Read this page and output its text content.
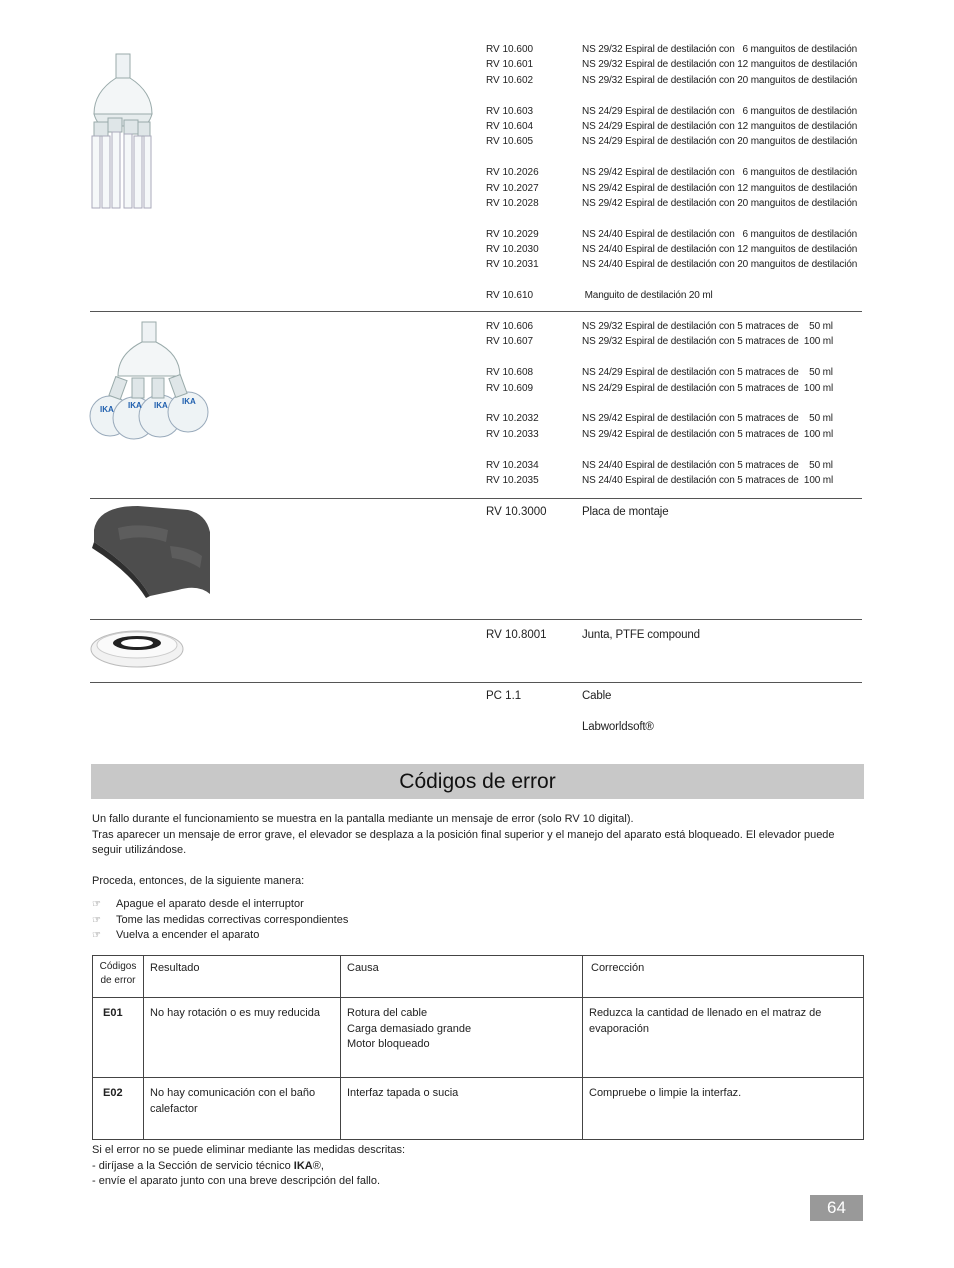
IKA IKA IKA IKA
RV 10.600	NS 29/32 Espiral de destilación con   6 manguitos de destilación
RV 10.601	NS 29/32 Espiral de destilación con 12 manguitos de destilación
RV 10.602	NS 29/32 Espiral de destilación con 20 manguitos de destilación
RV 10.603	NS 24/29 Espiral de destilación con   6 manguitos de destilación
RV 10.604	NS 24/29 Espiral de destilación con 12 manguitos de destilación
RV 10.605	NS 24/29 Espiral de destilación con 20 manguitos de destilación
RV 10.2026	NS 29/42 Espiral de destilación con   6 manguitos de destilación
RV 10.2027	NS 29/42 Espiral de destilación con 12 manguitos de destilación
RV 10.2028	NS 29/42 Espiral de destilación con 20 manguitos de destilación
RV 10.2029	NS 24/40 Espiral de destilación con   6 manguitos de destilación
RV 10.2030	NS 24/40 Espiral de destilación con 12 manguitos de destilación
RV 10.2031	NS 24/40 Espiral de destilación con 20 manguitos de destilación
RV 10.610	Manguito de destilación 20 ml
RV 10.606	NS 29/32 Espiral de destilación con 5 matraces de    50 ml
RV 10.607	NS 29/32 Espiral de destilación con 5 matraces de  100 ml
RV 10.608	NS 24/29 Espiral de destilación con 5 matraces de    50 ml
RV 10.609	NS 24/29 Espiral de destilación con 5 matraces de  100 ml
RV 10.2032	NS 29/42 Espiral de destilación con 5 matraces de    50 ml
RV 10.2033	NS 29/42 Espiral de destilación con 5 matraces de  100 ml
RV 10.2034	NS 24/40 Espiral de destilación con 5 matraces de    50 ml
RV 10.2035	NS 24/40 Espiral de destilación con 5 matraces de  100 ml
RV 10.3000	Placa de montaje
RV 10.8001	Junta, PTFE compound
PC 1.1	Cable
Labworldsoft®
Códigos de error
Un fallo durante el funcionamiento se muestra en la pantalla mediante un mensaje de error (solo RV 10 digital).
Tras aparecer un mensaje de error grave, el elevador se desplaza a la posición final superior y el manejo del aparato está bloqueado. El elevador puede seguir utilizándose.
Proceda, entonces, de la siguiente manera:
☞	Apague el aparato desde el interruptor
☞	Tome las medidas correctivas correspondientes
☞	Vuelva a encender el aparato
Códigos de error	Resultado	Causa	Corrección
E01	No hay rotación o es muy reducida	Rotura del cable
Carga demasiado grande
Motor bloqueado	Reduzca la cantidad de llenado en el matraz de evaporación
E02	No hay comunicación con el baño calefactor	Interfaz tapada o sucia	Compruebe o limpie la interfaz.
Si el error no se puede eliminar mediante las medidas descritas:
- diríjase a la Sección de servicio técnico IKA®,
- envíe el aparato junto con una breve descripción del fallo.
64
